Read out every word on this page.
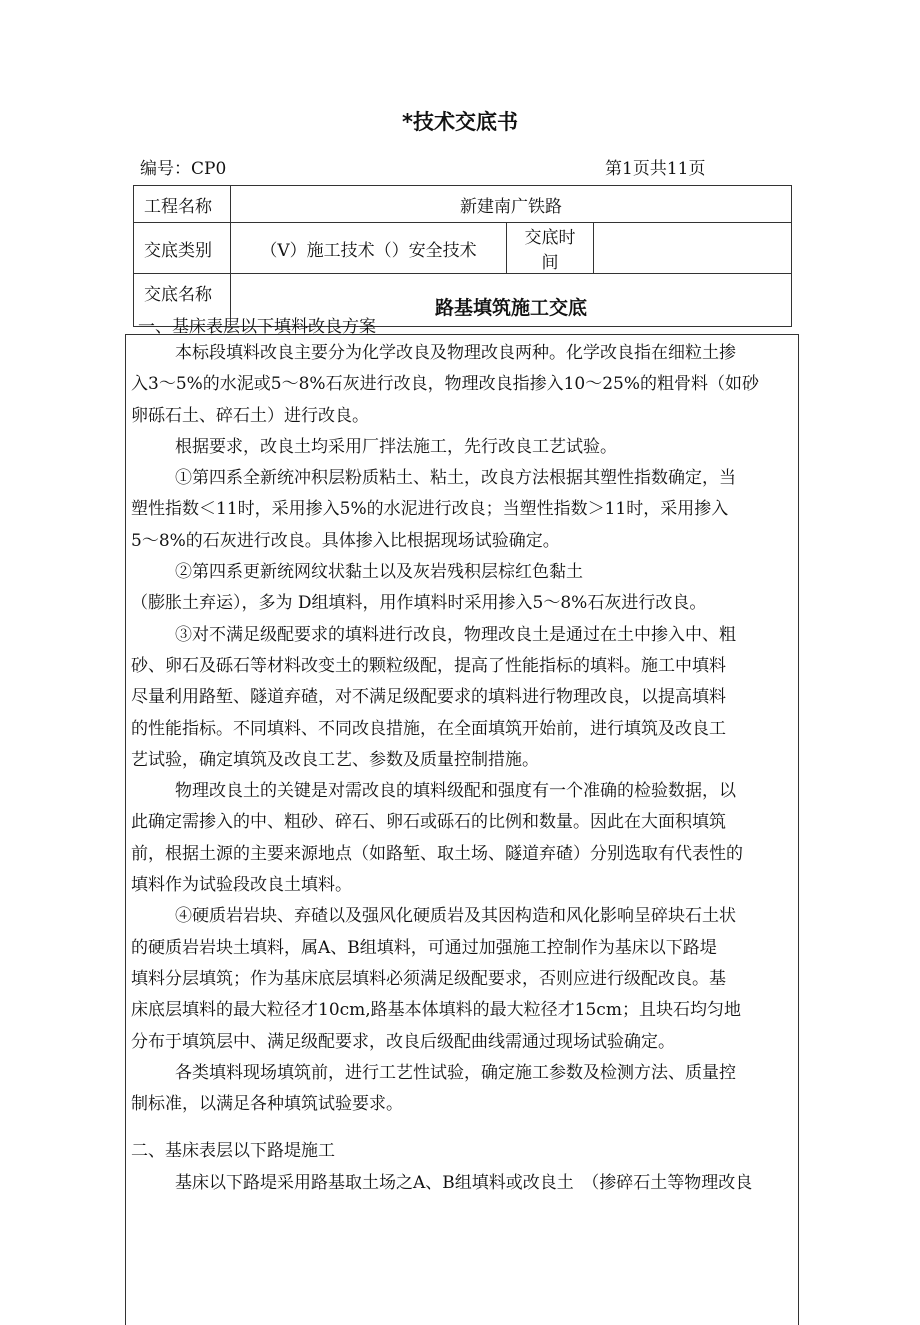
*技术交底书
编号：CP0	第1页共11页
工程名称	新建南广铁路		
交底类别	（V）施工技术（）安全技术	交底时间	
交底名称	路基填筑施工交底		
一、基床表层以下填料改良方案

本标段填料改良主要分为化学改良及物理改良两种。化学改良指在细粒土掺

入3～5%的水泥或5～8%石灰进行改良，物理改良指掺入10～25%的粗骨料（如砂

卵砾石土、碎石土）进行改良。

根据要求，改良土均采用厂拌法施工，先行改良工艺试验。

①第四系全新统冲积层粉质粘土、粘土，改良方法根据其塑性指数确定，当

塑性指数＜11时，采用掺入5%的水泥进行改良；当塑性指数＞11时，采用掺入

5～8%的石灰进行改良。具体掺入比根据现场试验确定。

②第四系更新统网纹状黏土以及灰岩残积层棕红色黏土

（膨胀土弃运），多为 D组填料，用作填料时采用掺入5～8%石灰进行改良。

③对不满足级配要求的填料进行改良，物理改良土是通过在土中掺入中、粗

砂、卵石及砾石等材料改变土的颗粒级配，提高了性能指标的填料。施工中填料

尽量利用路堑、隧道弃碴，对不满足级配要求的填料进行物理改良，以提高填料

的性能指标。不同填料、不同改良措施，在全面填筑开始前，进行填筑及改良工

艺试验，确定填筑及改良工艺、参数及质量控制措施。

物理改良土的关键是对需改良的填料级配和强度有一个准确的检验数据，以

此确定需掺入的中、粗砂、碎石、卵石或砾石的比例和数量。因此在大面积填筑

前，根据土源的主要来源地点（如路堑、取土场、隧道弃碴）分别选取有代表性的

填料作为试验段改良土填料。

④硬质岩岩块、弃碴以及强风化硬质岩及其因构造和风化影响呈碎块石土状

的硬质岩岩块土填料，属A、B组填料，可通过加强施工控制作为基床以下路堤

填料分层填筑；作为基床底层填料必须满足级配要求，否则应进行级配改良。基

床底层填料的最大粒径才10cm,路基本体填料的最大粒径才15cm；且块石均匀地

分布于填筑层中、满足级配要求，改良后级配曲线需通过现场试验确定。

各类填料现场填筑前，进行工艺性试验，确定施工参数及检测方法、质量控

制标准，以满足各种填筑试验要求。

二、基床表层以下路堤施工

基床以下路堤采用路基取土场之A、B组填料或改良土　（掺碎石土等物理改良
